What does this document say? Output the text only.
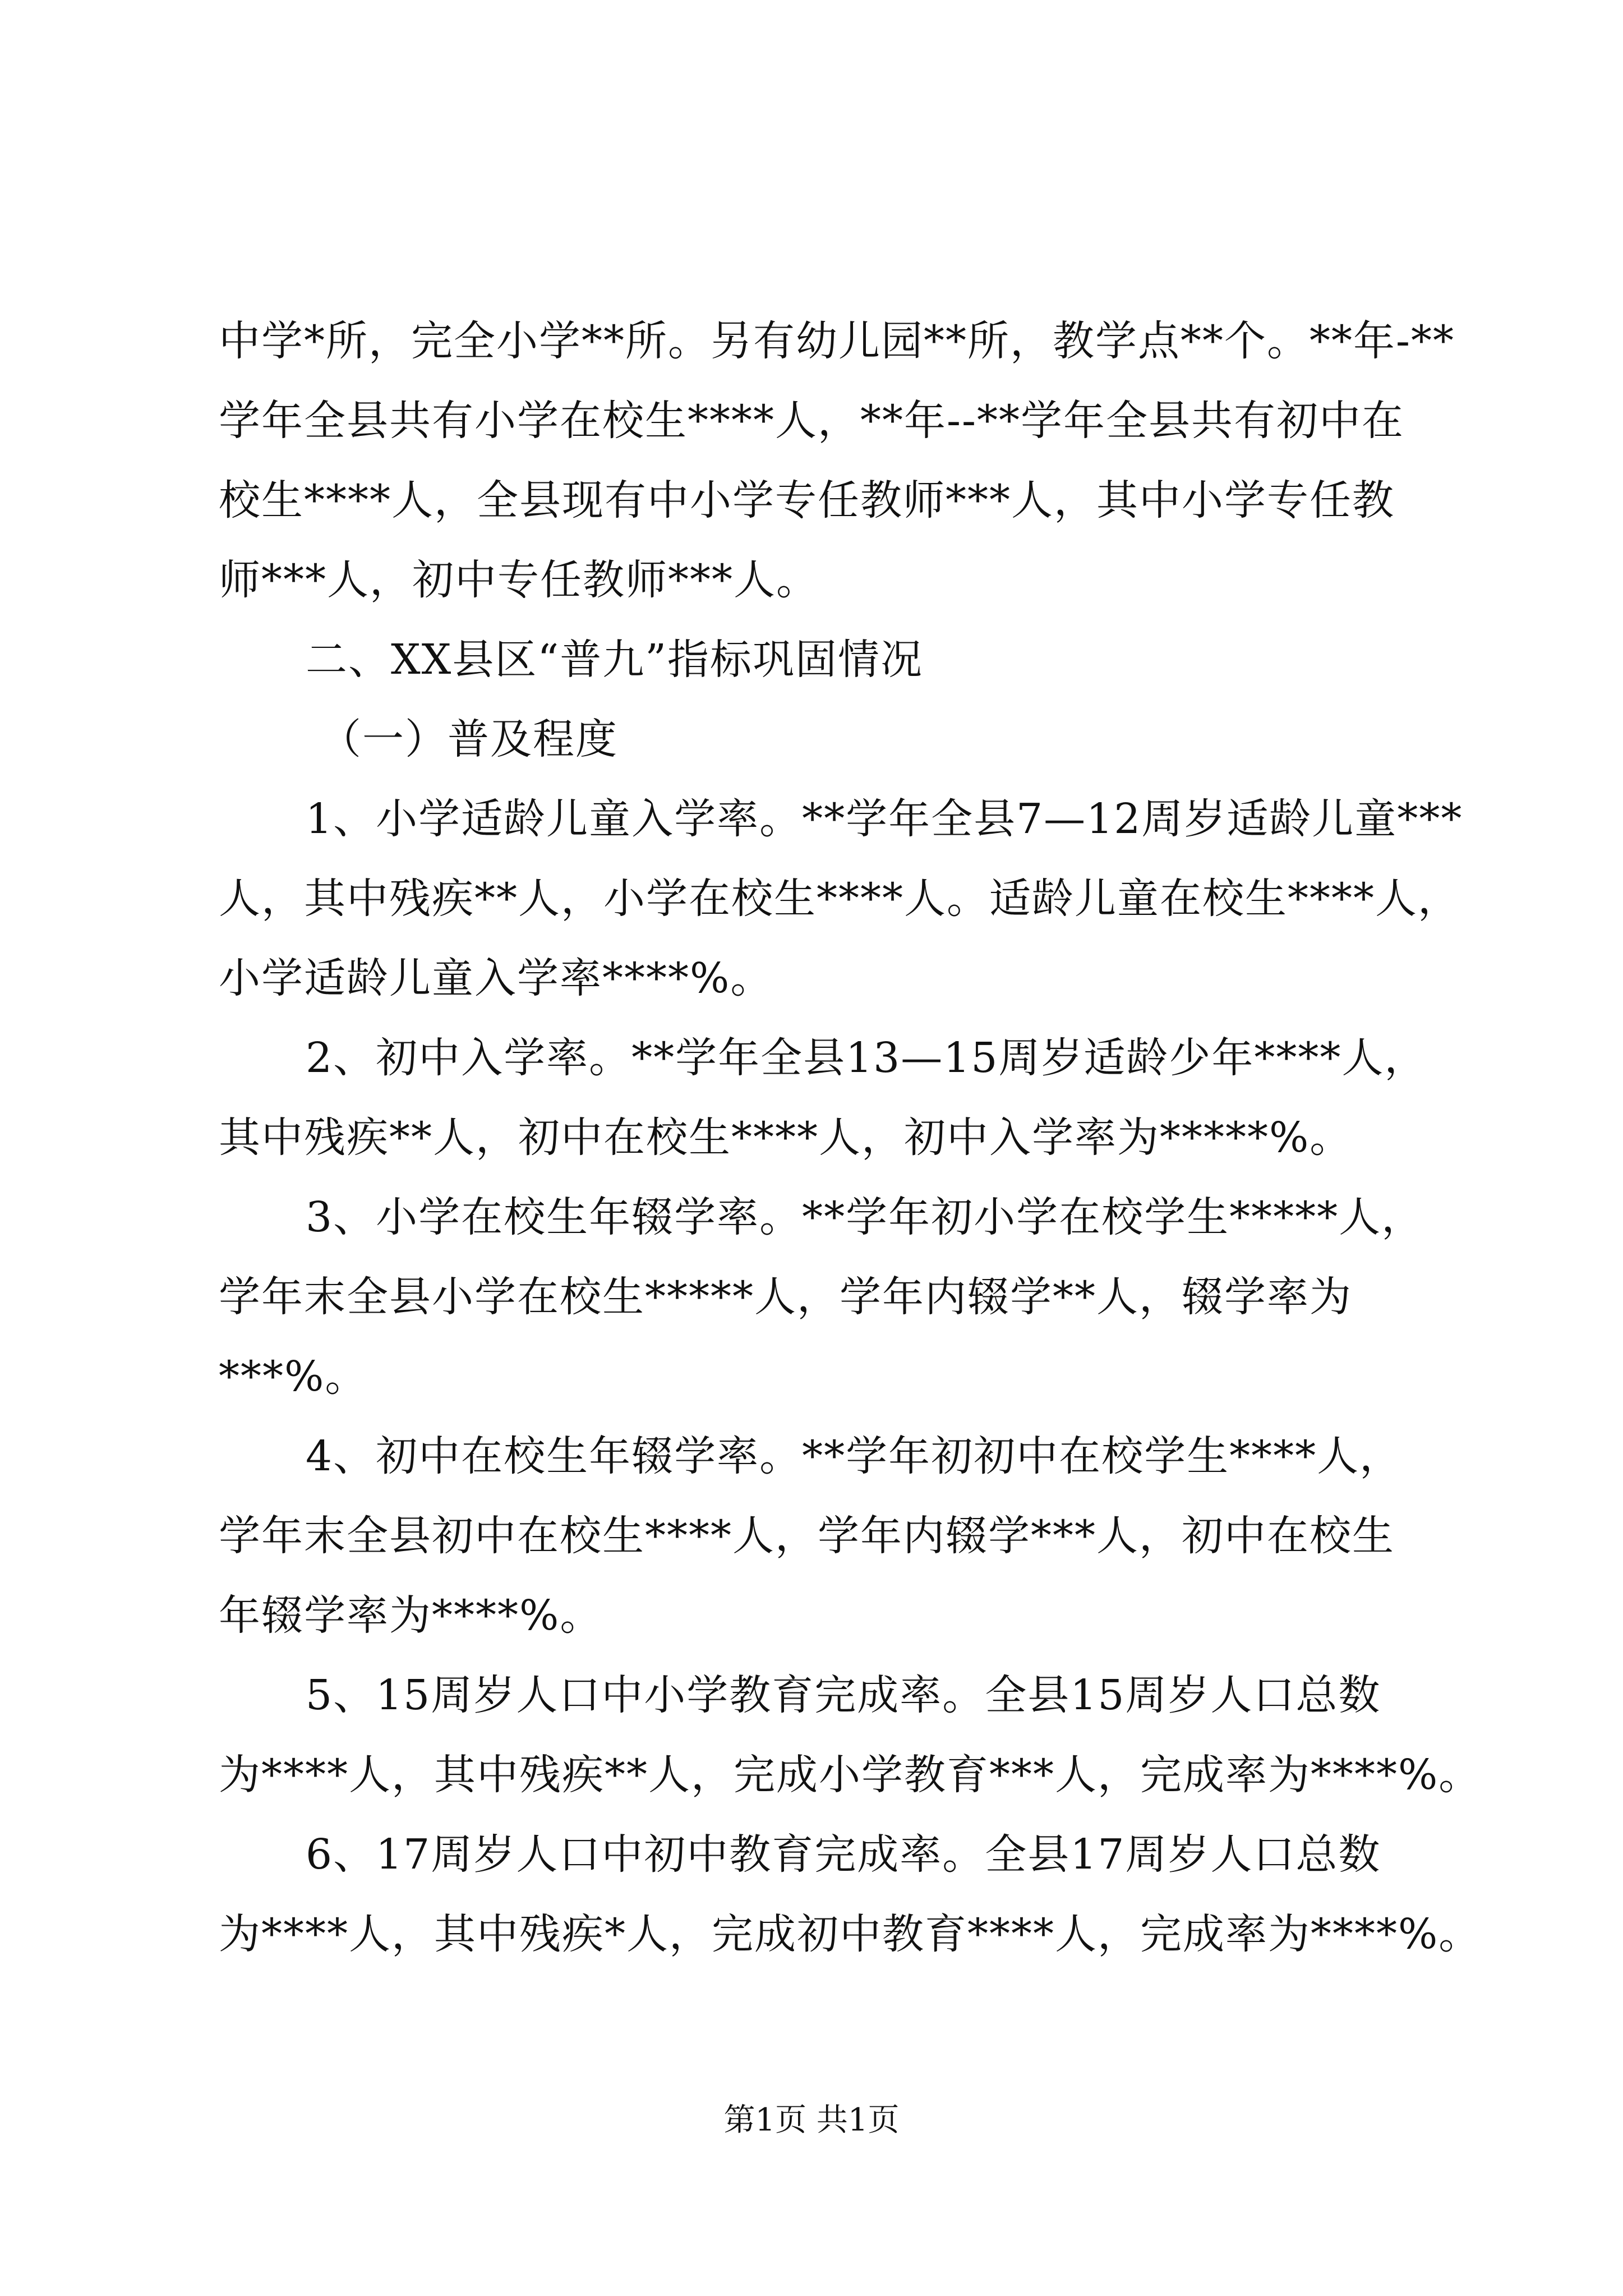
中学*所，完全小学**所。另有幼儿园**所，教学点**个。**年-**
学年全县共有小学在校生****人，**年--**学年全县共有初中在
校生****人，全县现有中小学专任教师***人，其中小学专任教
师***人，初中专任教师***人。
二、XX县区“普九”指标巩固情况
（一）普及程度
1、小学适龄儿童入学率。**学年全县7—12周岁适龄儿童***
人，其中残疾**人，小学在校生****人。适龄儿童在校生****人，
小学适龄儿童入学率****%。
2、初中入学率。**学年全县13—15周岁适龄少年****人，
其中残疾**人，初中在校生****人，初中入学率为*****%。
3、小学在校生年辍学率。**学年初小学在校学生*****人，
学年末全县小学在校生*****人，学年内辍学**人，辍学率为
***%。
4、初中在校生年辍学率。**学年初初中在校学生****人，
学年末全县初中在校生****人，学年内辍学***人，初中在校生
年辍学率为****%。
5、15周岁人口中小学教育完成率。全县15周岁人口总数
为****人，其中残疾**人，完成小学教育***人，完成率为****%。
6、17周岁人口中初中教育完成率。全县17周岁人口总数
为****人，其中残疾*人，完成初中教育****人，完成率为****%。
第1页 共1页
